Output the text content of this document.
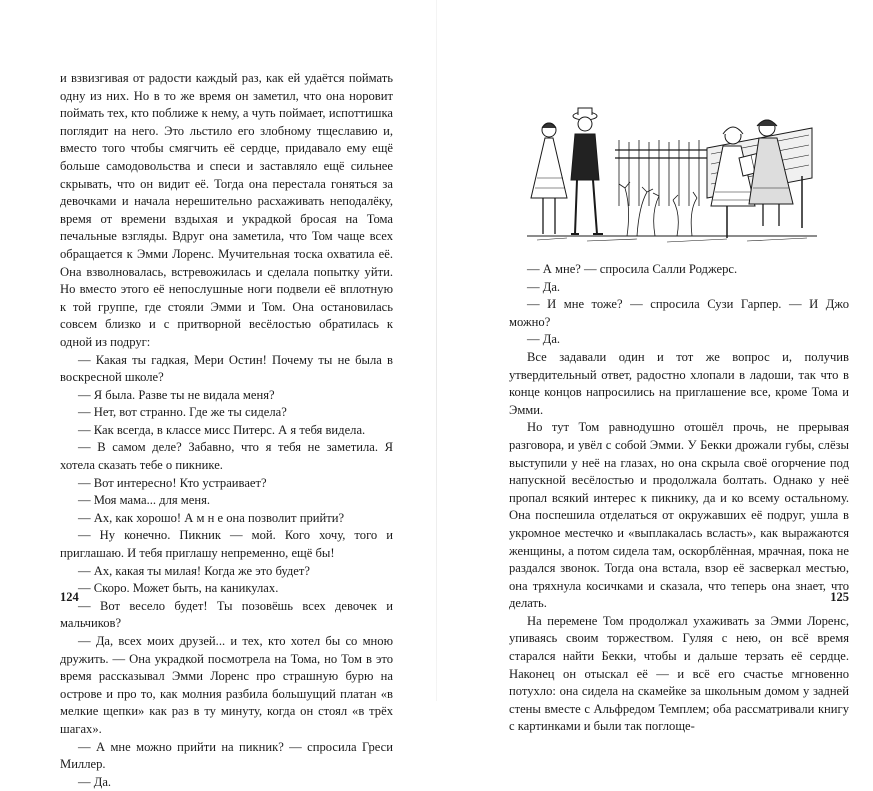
и взвизгивая от радости каждый раз, как ей удаётся поймать одну из них. Но в то же время он заметил, что она норовит поймать тех, кто поближе к нему, а чуть поймает, испоттишка поглядит на него. Это льстило его злобному тщеславию и, вместо того чтобы смягчить её сердце, придавало ему ещё больше самодовольства и спеси и заставляло ещё сильнее скрывать, что он видит её. Тогда она перестала гоняться за девочками и начала нерешительно расхаживать неподалёку, время от времени вздыхая и украдкой бросая на Тома печальные взгляды. Вдруг она заметила, что Том чаще всех обращается к Эмми Лоренс. Мучительная тоска охватила её. Она взволновалась, встревожилась и сделала попытку уйти. Но вместо этого её непослушные ноги подвели её вплотную к той группе, где стояли Эмми и Том. Она остановилась совсем близко и с притворной весёлостью обратилась к одной из подруг:

— Какая ты гадкая, Мери Остин! Почему ты не была в воскресной школе?

— Я была. Разве ты не видала меня?

— Нет, вот странно. Где же ты сидела?

— Как всегда, в классе мисс Питерс. А я тебя видела.

— В самом деле? Забавно, что я тебя не заметила. Я хотела сказать тебе о пикнике.

— Вот интересно! Кто устраивает?

— Моя мама... для меня.

— Ах, как хорошо! А м н е она позволит прийти?

— Ну конечно. Пикник — мой. Кого хочу, того и приглашаю. И тебя приглашу непременно, ещё бы!

— Ах, какая ты милая! Когда же это будет?

— Скоро. Может быть, на каникулах.

— Вот весело будет! Ты позовёшь всех девочек и мальчиков?

— Да, всех моих друзей... и тех, кто хотел бы со мною дружить. — Она украдкой посмотрела на Тома, но Том в это время рассказывал Эмми Лоренс про страшную бурю на острове и про то, как молния разбила большущий платан «в мелкие щепки» как раз в ту минуту, когда он стоял «в трёх шагах».

— А мне можно прийти на пикник? — спросила Греси Миллер.

— Да.

124

— А мне? — спросила Салли Роджерс.

— Да.

— И мне тоже? — спросила Сузи Гарпер. — И Джо можно?

— Да.

Все задавали один и тот же вопрос и, получив утвердительный ответ, радостно хлопали в ладоши, так что в конце концов напросились на приглашение все, кроме Тома и Эмми.

Но тут Том равнодушно отошёл прочь, не прерывая разговора, и увёл с собой Эмми. У Бекки дрожали губы, слёзы выступили у неё на глазах, но она скрыла своё огорчение под напускной весёлостью и продолжала болтать. Однако у неё пропал всякий интерес к пикнику, да и ко всему остальному. Она поспешила отделаться от окружавших её подруг, ушла в укромное местечко и «выплакалась всласть», как выражаются женщины, а потом сидела там, оскорблённая, мрачная, пока не раздался звонок. Тогда она встала, взор её засверкал местью, она тряхнула косичками и сказала, что теперь она знает, что делать.

На перемене Том продолжал ухаживать за Эмми Лоренс, упиваясь своим торжеством. Гуляя с нею, он всё время старался найти Бекки, чтобы и дальше терзать её сердце. Наконец он отыскал её — и всё его счастье мгновенно потухло: она сидела на скамейке за школьным домом у задней стены вместе с Альфредом Темплем; оба рассматривали книгу с картинками и были так поглоще-

125
